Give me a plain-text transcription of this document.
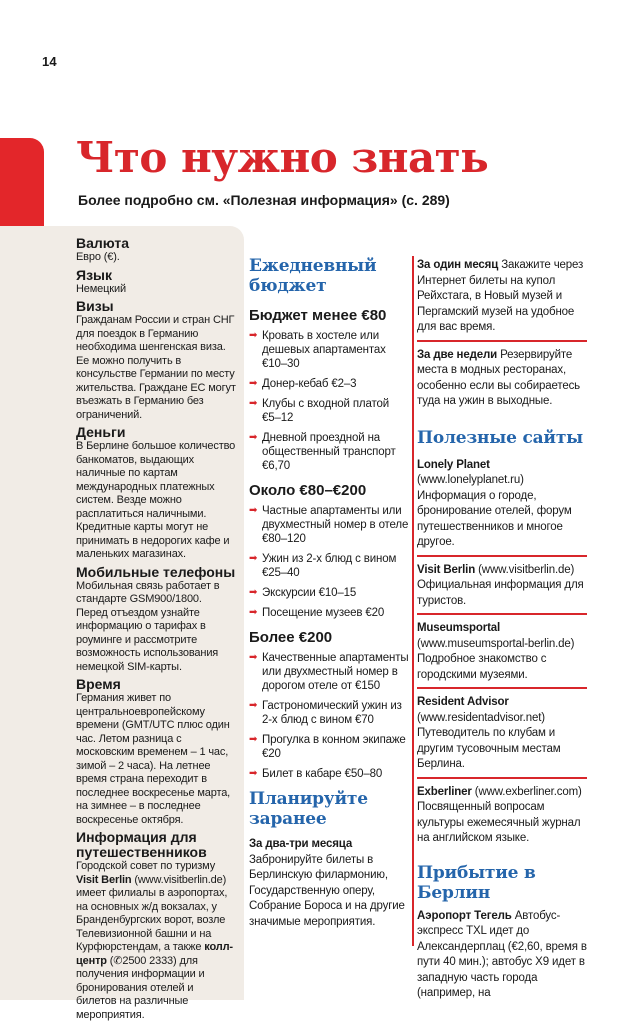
14
Что нужно знать
Более подробно см. «Полезная информация» (с. 289)
Валюта

Евро (€).

Язык

Немецкий

Визы

Гражданам России и стран СНГ для поездок в Германию необходима шенгенская виза. Ее можно получить в консульстве Германии по месту жительства. Граждане ЕС могут въезжать в Германию без ограничений.

Деньги

В Берлине большое количество банкоматов, выдающих наличные по картам международных платежных систем. Везде можно расплатиться наличными. Кредитные карты могут не принимать в недорогих кафе и маленьких магазинах.

Мобильные телефоны

Мобильная связь работает в стандарте GSM900/1800. Перед отъездом узнайте информацию о тарифах в роуминге и рассмотрите возможность использования немецкой SIM-карты.

Время

Германия живет по центральноевропейскому времени (GMT/UTC плюс один час. Летом разница с московским временем – 1 час, зимой – 2 часа). На летнее время страна переходит в последнее воскресенье марта, на зимнее – в последнее воскресенье октября.

Информация для путешественников

Городской совет по туризму Visit Berlin (www.visitberlin.de) имеет филиалы в аэропортах, на основных ж/д вокзалах, у Бранденбургских ворот, возле Телевизионной башни и на Курфюрстендам, а также колл-центр (✆2500 2333) для получения информации и бронирования отелей и билетов на различные мероприятия.

Ежедневный бюджет
Бюджет менее €80
➡ Кровать в хостеле или дешевых апартаментах €10–30
➡ Донер-кебаб €2–3
➡ Клубы с входной платой €5–12
➡ Дневной проездной на общественный транспорт €6,70
Около €80–€200
➡ Частные апартаменты или двухместный номер в отеле €80–120
➡ Ужин из 2-х блюд с вином €25–40
➡ Экскурсии €10–15
➡ Посещение музеев €20
Более €200
➡ Качественные апартаменты или двухместный номер в дорогом отеле от €150
➡ Гастрономический ужин из 2-х блюд с вином €70
➡ Прогулка в конном экипаже €20
➡ Билет в кабаре €50–80
Планируйте заранее
За два-три месяца
Забронируйте билеты в Берлинскую филармонию, Государственную оперу, Собрание Бороса и на другие значимые мероприятия.
За один месяц Закажите через Интернет билеты на купол Рейхстага, в Новый музей и Пергамский музей на удобное для вас время.
За две недели Резервируйте места в модных ресторанах, особенно если вы собираетесь туда на ужин в выходные.
Полезные сайты
Lonely Planet (www.lonelyplanet.ru) Информация о городе, бронирование отелей, форум путешественников и многое другое.
Visit Berlin (www.visitberlin.de) Официальная информация для туристов.
Museumsportal (www.museumsportal-berlin.de) Подробное знакомство с городскими музеями.
Resident Advisor (www.residentadvisor.net) Путеводитель по клубам и другим тусовочным местам Берлина.
Exberliner (www.exberliner.com) Посвященный вопросам культуры ежемесячный журнал на английском языке.
Прибытие в Берлин
Аэропорт Тегель Автобус-экспресс TXL идет до Александерплац (€2,60, время в пути 40 мин.); автобус X9 идет в западную часть города (например, на
